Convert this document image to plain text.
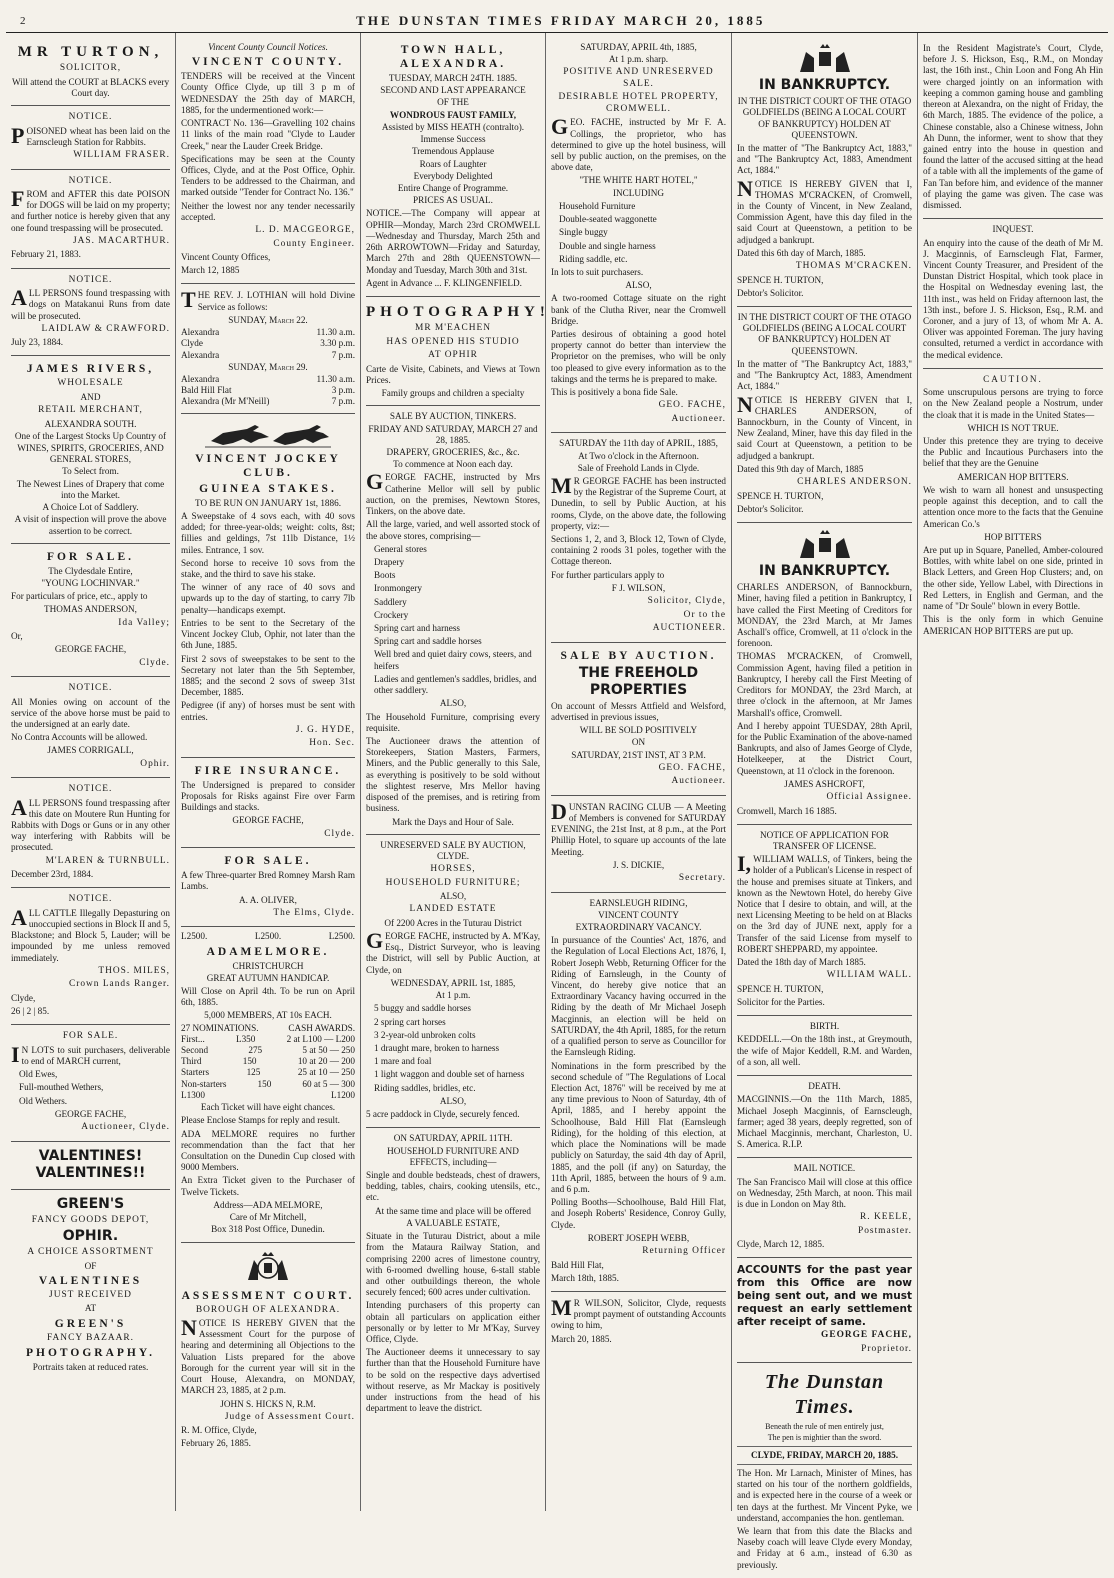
2	THE DUNSTAN TIMES FRIDAY MARCH 20, 1885
MR TURTON,
SOLICITOR,
Will attend the COURT at BLACKS every Court day.
NOTICE.
POISONED wheat has been laid on the Earnscleugh Station for Rabbits.
WILLIAM FRASER.
NOTICE.
FROM and AFTER this date POISON for DOGS will be laid on my property; and further notice is hereby given that any one found trespassing will be prosecuted.
JAS. MACARTHUR.
February 21, 1883.
NOTICE.
ALL PERSONS found trespassing with dogs on Matakanui Runs from date will be prosecuted.
LAIDLAW & CRAWFORD.
July 23, 1884.
JAMES RIVERS,
WHOLESALE
AND
RETAIL MERCHANT,
ALEXANDRA SOUTH.
One of the Largest Stocks Up Country of
WINES, SPIRITS, GROCERIES, AND GENERAL STORES,
To Select from.
The Newest Lines of Drapery that come into the Market.
A Choice Lot of Saddlery.
A visit of inspection will prove the above assertion to be correct.
FOR SALE.
The Clydesdale Entire,
"YOUNG LOCHINVAR."
For particulars of price, etc., apply to
THOMAS ANDERSON,
Ida Valley;
Or,
GEORGE FACHE,
Clyde.
NOTICE.
All Monies owing on account of the service of the above horse must be paid to the undersigned at an early date.
No Contra Accounts will be allowed.
JAMES CORRIGALL,
Ophir.
NOTICE.
ALL PERSONS found trespassing after this date on Moutere Run Hunting for Rabbits with Dogs or Guns or in any other way interfering with Rabbits will be prosecuted.
M'LAREN & TURNBULL.
December 23rd, 1884.
NOTICE.
ALL CATTLE Illegally Depasturing on unoccupied sections in Block II and 5, Blackstone; and Block 5, Lauder; will be impounded by me unless removed immediately.
THOS. MILES,
Crown Lands Ranger.
Clyde,
26 | 2 | 85.
FOR SALE.
IN LOTS to suit purchasers, deliverable to end of MARCH current,
Old Ewes,
Full-mouthed Wethers,
Old Wethers.
GEORGE FACHE,
Auctioneer, Clyde.
VALENTINES! VALENTINES!!
GREEN'S
FANCY GOODS DEPOT,
OPHIR.
A CHOICE ASSORTMENT
OF
VALENTINES
JUST RECEIVED
AT
GREEN'S
FANCY BAZAAR.
PHOTOGRAPHY.
Portraits taken at reduced rates.
Vincent County Council Notices.
VINCENT COUNTY.
TENDERS will be received at the Vincent County Office Clyde, up till 3 p m of WEDNESDAY the 25th day of MARCH, 1885, for the undermentioned work:—
CONTRACT No. 136—Gravelling 102 chains 11 links of the main road "Clyde to Lauder Creek," near the Lauder Creek Bridge.
Specifications may be seen at the County Offices, Clyde, and at the Post Office, Ophir. Tenders to be addressed to the Chairman, and marked outside "Tender for Contract No. 136."
Neither the lowest nor any tender necessarily accepted.
L. D. MACGEORGE,
County Engineer.
Vincent County Offices,
March 12, 1885
THE REV. J. LOTHIAN will hold Divine Service as follows:
SUNDAY, March 22.
Alexandra	11.30 a.m.
Clyde	3.30 p.m.
Alexandra	7 p.m.
SUNDAY, March 29.
Alexandra	11.30 a.m.
Bald Hill Flat	3 p.m.
Alexandra (Mr M'Neill)	7 p.m.
VINCENT JOCKEY CLUB.
GUINEA STAKES.
TO BE RUN ON JANUARY 1st, 1886.
A Sweepstake of 4 sovs each, with 40 sovs added; for three-year-olds; weight: colts, 8st; fillies and geldings, 7st 11lb Distance, 1½ miles. Entrance, 1 sov.
Second horse to receive 10 sovs from the stake, and the third to save his stake.
The winner of any race of 40 sovs and upwards up to the day of starting, to carry 7lb penalty—handicaps exempt.
Entries to be sent to the Secretary of the Vincent Jockey Club, Ophir, not later than the 6th June, 1885.
First 2 sovs of sweepstakes to be sent to the Secretary not later than the 5th September, 1885; and the second 2 sovs of sweep 31st December, 1885.
Pedigree (if any) of horses must be sent with entries.
J. G. HYDE,
Hon. Sec.
FIRE INSURANCE.
The Undersigned is prepared to consider Proposals for Risks against Fire over Farm Buildings and stacks.
GEORGE FACHE,
Clyde.
FOR SALE.
A few Three-quarter Bred Romney Marsh Ram Lambs.
A. A. OLIVER,
The Elms, Clyde.
L2500.	L2500.	L2500.
ADAMELMORE.
CHRISTCHURCH
GREAT AUTUMN HANDICAP.
Will Close on April 4th. To be run on April 6th, 1885.
5,000 MEMBERS, AT 10s EACH.
27 NOMINATIONS.	CASH AWARDS.
First...	L350	2 at L100 — L200
Second	275	5 at 50 — 250
Third	150	10 at 20 — 200
Starters	125	25 at 10 — 250
Non-starters	150	60 at 5 — 300
L1300	L1200
Each Ticket will have eight chances.
Please Enclose Stamps for reply and result.
ADA MELMORE requires no further recommendation than the fact that her Consultation on the Dunedin Cup closed with 9000 Members.
An Extra Ticket given to the Purchaser of Twelve Tickets.
Address—ADA MELMORE,
Care of Mr Mitchell,
Box 318 Post Office, Dunedin.
ASSESSMENT COURT.
BOROUGH OF ALEXANDRA.
NOTICE IS HEREBY GIVEN that the Assessment Court for the purpose of hearing and determining all Objections to the Valuation Lists prepared for the above Borough for the current year will sit in the Court House, Alexandra, on MONDAY, MARCH 23, 1885, at 2 p.m.
JOHN S. HICKS N, R.M.
Judge of Assessment Court.
R. M. Office, Clyde,
February 26, 1885.
TOWN HALL, ALEXANDRA.
TUESDAY, MARCH 24TH. 1885.
SECOND AND LAST APPEARANCE
OF THE
WONDROUS FAUST FAMILY,
Assisted by MISS HEATH (contralto).
Immense Success
Tremendous Applause
Roars of Laughter
Everybody Delighted
Entire Change of Programme.
PRICES AS USUAL.
NOTICE.—The Company will appear at OPHIR—Monday, March 23rd CROMWELL—Wednesday and Thursday, March 25th and 26th ARROWTOWN—Friday and Saturday, March 27th and 28th QUEENSTOWN—Monday and Tuesday, March 30th and 31st.
Agent in Advance ... F. KLINGENFIELD.
PHOTOGRAPHY!
MR M'EACHEN
HAS OPENED HIS STUDIO
AT OPHIR
Carte de Visite, Cabinets, and Views at Town Prices.
Family groups and children a specialty
SALE BY AUCTION, TINKERS.
FRIDAY AND SATURDAY, MARCH 27 and 28, 1885.
DRAPERY, GROCERIES, &c., &c.
To commence at Noon each day.
GEORGE FACHE, instructed by Mrs Catherine Mellor will sell by public auction, on the premises, Newtown Stores, Tinkers, on the above date.
All the large, varied, and well assorted stock of the above stores, comprising—
General stores
Drapery
Boots
Ironmongery
Saddlery
Crockery
Spring cart and harness
Spring cart and saddle horses
Well bred and quiet dairy cows, steers, and heifers
Ladies and gentlemen's saddles, bridles, and other saddlery.
ALSO,
The Household Furniture, comprising every requisite.
The Auctioneer draws the attention of Storekeepers, Station Masters, Farmers, Miners, and the Public generally to this Sale, as everything is positively to be sold without the slightest reserve, Mrs Mellor having disposed of the premises, and is retiring from business.
Mark the Days and Hour of Sale.
UNRESERVED SALE BY AUCTION, CLYDE.
HORSES,
HOUSEHOLD FURNITURE;
ALSO,
LANDED ESTATE
Of 2200 Acres in the Tuturau District
GEORGE FACHE, instructed by A. M'Kay, Esq., District Surveyor, who is leaving the District, will sell by Public Auction, at Clyde, on
WEDNESDAY, APRIL 1st, 1885,
At 1 p.m.
5 buggy and saddle horses
2 spring cart horses
3 2-year-old unbroken colts
1 draught mare, broken to harness
1 mare and foal
1 light waggon and double set of harness
Riding saddles, bridles, etc.
ALSO,
5 acre paddock in Clyde, securely fenced.
ON SATURDAY, APRIL 11TH.
HOUSEHOLD FURNITURE AND EFFECTS, including—
Single and double bedsteads, chest of drawers, bedding, tables, chairs, cooking utensils, etc., etc.
At the same time and place will be offered
A VALUABLE ESTATE,
Situate in the Tuturau District, about a mile from the Mataura Railway Station, and comprising 2200 acres of limestone country, with 6-roomed dwelling house, 6-stall stable and other outbuildings thereon, the whole securely fenced; 600 acres under cultivation.
Intending purchasers of this property can obtain all particulars on application either personally or by letter to Mr M'Kay, Survey Office, Clyde.
The Auctioneer deems it unnecessary to say further than that the Household Furniture have to be sold on the respective days advertised without reserve, as Mr Mackay is positively under instructions from the head of his department to leave the district.
SATURDAY, APRIL 4th, 1885,
At 1 p.m. sharp.
POSITIVE AND UNRESERVED SALE.
DESIRABLE HOTEL PROPERTY, CROMWELL.
GEO. FACHE, instructed by Mr F. A. Collings, the proprietor, who has determined to give up the hotel business, will sell by public auction, on the premises, on the above date,
"THE WHITE HART HOTEL,"
INCLUDING
Household Furniture
Double-seated waggonette
Single buggy
Double and single harness
Riding saddle, etc.
In lots to suit purchasers.
ALSO,
A two-roomed Cottage situate on the right bank of the Clutha River, near the Cromwell Bridge.
Parties desirous of obtaining a good hotel property cannot do better than interview the Proprietor on the premises, who will be only too pleased to give every information as to the takings and the terms he is prepared to make.
This is positively a bona fide Sale.
GEO. FACHE,
Auctioneer.
SATURDAY the 11th day of APRIL, 1885,
At Two o'clock in the Afternoon.
Sale of Freehold Lands in Clyde.
MR GEORGE FACHE has been instructed by the Registrar of the Supreme Court, at Dunedin, to sell by Public Auction, at his rooms, Clyde, on the above date, the following property, viz:—
Sections 1, 2, and 3, Block 12, Town of Clyde, containing 2 roods 31 poles, together with the Cottage thereon.
For further particulars apply to
F J. WILSON,
Solicitor, Clyde,
Or to the
AUCTIONEER.
SALE BY AUCTION.
THE FREEHOLD PROPERTIES
On account of Messrs Attfield and Welsford, advertised in previous issues,
WILL BE SOLD POSITIVELY
ON
SATURDAY, 21ST INST, AT 3 P.M.
GEO. FACHE,
Auctioneer.
DUNSTAN RACING CLUB — A Meeting of Members is convened for SATURDAY EVENING, the 21st Inst, at 8 p.m., at the Port Phillip Hotel, to square up accounts of the late Meeting.
J. S. DICKIE,
Secretary.
EARNSLEUGH RIDING,
VINCENT COUNTY
EXTRAORDINARY VACANCY.
In pursuance of the Counties' Act, 1876, and the Regulation of Local Elections Act, 1876, I, Robert Joseph Webb, Returning Officer for the Riding of Earnsleugh, in the County of Vincent, do hereby give notice that an Extraordinary Vacancy having occurred in the Riding by the death of Mr Michael Joseph Macginnis, an election will be held on SATURDAY, the 4th April, 1885, for the return of a qualified person to serve as Councillor for the Earnsleugh Riding.
Nominations in the form prescribed by the second schedule of "The Regulations of Local Election Act, 1876" will be received by me at any time previous to Noon of Saturday, 4th of April, 1885, and I hereby appoint the Schoolhouse, Bald Hill Flat (Earnsleugh Riding), for the holding of this election, at which place the Nominations will be made publicly on Saturday, the said 4th day of April, 1885, and the poll (if any) on Saturday, the 11th April, 1885, between the hours of 9 a.m. and 6 p.m.
Polling Booths—Schoolhouse, Bald Hill Flat, and Joseph Roberts' Residence, Conroy Gully, Clyde.
ROBERT JOSEPH WEBB,
Returning Officer
Bald Hill Flat,
March 18th, 1885.
MR WILSON, Solicitor, Clyde, requests prompt payment of outstanding Accounts owing to him,
March 20, 1885.
IN BANKRUPTCY.
IN THE DISTRICT COURT OF THE OTAGO GOLDFIELDS (BEING A LOCAL COURT OF BANKRUPTCY) HOLDEN AT QUEENSTOWN.
In the matter of "The Bankruptcy Act, 1883," and "The Bankruptcy Act, 1883, Amendment Act, 1884."
NOTICE IS HEREBY GIVEN that I, THOMAS M'CRACKEN, of Cromwell, in the County of Vincent, in New Zealand, Commission Agent, have this day filed in the said Court at Queenstown, a petition to be adjudged a bankrupt.
Dated this 6th day of March, 1885.
THOMAS M'CRACKEN.
SPENCE H. TURTON,
Debtor's Solicitor.
IN THE DISTRICT COURT OF THE OTAGO GOLDFIELDS (BEING A LOCAL COURT OF BANKRUPTCY) HOLDEN AT QUEENSTOWN.
In the matter of "The Bankruptcy Act, 1883," and "The Bankruptcy Act, 1883, Amendment Act, 1884."
NOTICE IS HEREBY GIVEN that I, CHARLES ANDERSON, of Bannockburn, in the County of Vincent, in New Zealand, Miner, have this day filed in the said Court at Queenstown, a petition to be adjudged a bankrupt.
Dated this 9th day of March, 1885
CHARLES ANDERSON.
SPENCE H. TURTON,
Debtor's Solicitor.
IN BANKRUPTCY.
CHARLES ANDERSON, of Bannockburn, Miner, having filed a petition in Bankruptcy, I have called the First Meeting of Creditors for MONDAY, the 23rd March, at Mr James Aschall's office, Cromwell, at 11 o'clock in the forenoon.
THOMAS M'CRACKEN, of Cromwell, Commission Agent, having filed a petition in Bankruptcy, I hereby call the First Meeting of Creditors for MONDAY, the 23rd March, at three o'clock in the afternoon, at Mr James Marshall's office, Cromwell.
And I hereby appoint TUESDAY, 28th April, for the Public Examination of the above-named Bankrupts, and also of James George of Clyde, Hotelkeeper, at the District Court, Queenstown, at 11 o'clock in the forenoon.
JAMES ASHCROFT,
Official Assignee.
Cromwell, March 16 1885.
NOTICE OF APPLICATION FOR TRANSFER OF LICENSE.
I,WILLIAM WALLS, of Tinkers, being the holder of a Publican's License in respect of the house and premises situate at Tinkers, and known as the Newtown Hotel, do hereby Give Notice that I desire to obtain, and will, at the next Licensing Meeting to be held on at Blacks on the 3rd day of JUNE next, apply for a Transfer of the said License from myself to ROBERT SHEPPARD, my appointee.
Dated the 18th day of March 1885.
WILLIAM WALL.
SPENCE H. TURTON,
Solicitor for the Parties.
BIRTH.
KEDDELL.—On the 18th inst., at Greymouth, the wife of Major Keddell, R.M. and Warden, of a son, all well.
DEATH.
MACGINNIS.—On the 11th March, 1885, Michael Joseph Macginnis, of Earnscleugh, farmer; aged 38 years, deeply regretted, son of Michael Macginnis, merchant, Charleston, U. S. America. R.I.P.
MAIL NOTICE.
The San Francisco Mail will close at this office on Wednesday, 25th March, at noon. This mail is due in London on May 8th.
R. KEELE,
Postmaster.
Clyde, March 12, 1885.
ACCOUNTS for the past year from this Office are now being sent out, and we must request an early settlement after receipt of same.
GEORGE FACHE,
Proprietor.
The Dunstan Times.
Beneath the rule of men entirely just,
The pen is mightier than the sword.
CLYDE, FRIDAY, MARCH 20, 1885.
The Hon. Mr Larnach, Minister of Mines, has started on his tour of the northern goldfields, and is expected here in the course of a week or ten days at the furthest. Mr Vincent Pyke, we understand, accompanies the hon. gentleman.
We learn that from this date the Blacks and Naseby coach will leave Clyde every Monday, and Friday at 6 a.m., instead of 6.30 as previously.
In the Resident Magistrate's Court, Clyde, before J. S. Hickson, Esq., R.M., on Monday last, the 16th inst., Chin Loon and Fong Ah Hin were charged jointly on an information with keeping a common gaming house and gambling thereon at Alexandra, on the night of Friday, the 6th March, 1885. The evidence of the police, a Chinese constable, also a Chinese witness, John Ah Dunn, the informer, went to show that they gained entry into the house in question and found the latter of the accused sitting at the head of a table with all the implements of the game of Fan Tan before him, and evidence of the manner of playing the game was given. The case was dismissed.
INQUEST.
An enquiry into the cause of the death of Mr M. J. Macginnis, of Earnscleugh Flat, Farmer, Vincent County Treasurer, and President of the Dunstan District Hospital, which took place in the Hospital on Wednesday evening last, the 11th inst., was held on Friday afternoon last, the 13th inst., before J. S. Hickson, Esq., R.M. and Coroner, and a jury of 13, of whom Mr A. A. Oliver was appointed Foreman. The jury having consulted, returned a verdict in accordance with the medical evidence.
CAUTION.
Some unscrupulous persons are trying to force on the New Zealand people a Nostrum, under the cloak that it is made in the United States—
WHICH IS NOT TRUE.
Under this pretence they are trying to deceive the Public and Incautious Purchasers into the belief that they are the Genuine
AMERICAN HOP BITTERS.
We wish to warn all honest and unsuspecting people against this deception, and to call the attention once more to the facts that the Genuine American Co.'s
HOP BITTERS
Are put up in Square, Panelled, Amber-coloured Bottles, with white label on one side, printed in Black Letters, and Green Hop Clusters; and, on the other side, Yellow Label, with Directions in Red Letters, in English and German, and the name of "Dr Soule" blown in every Bottle.
This is the only form in which Genuine AMERICAN HOP BITTERS are put up.
